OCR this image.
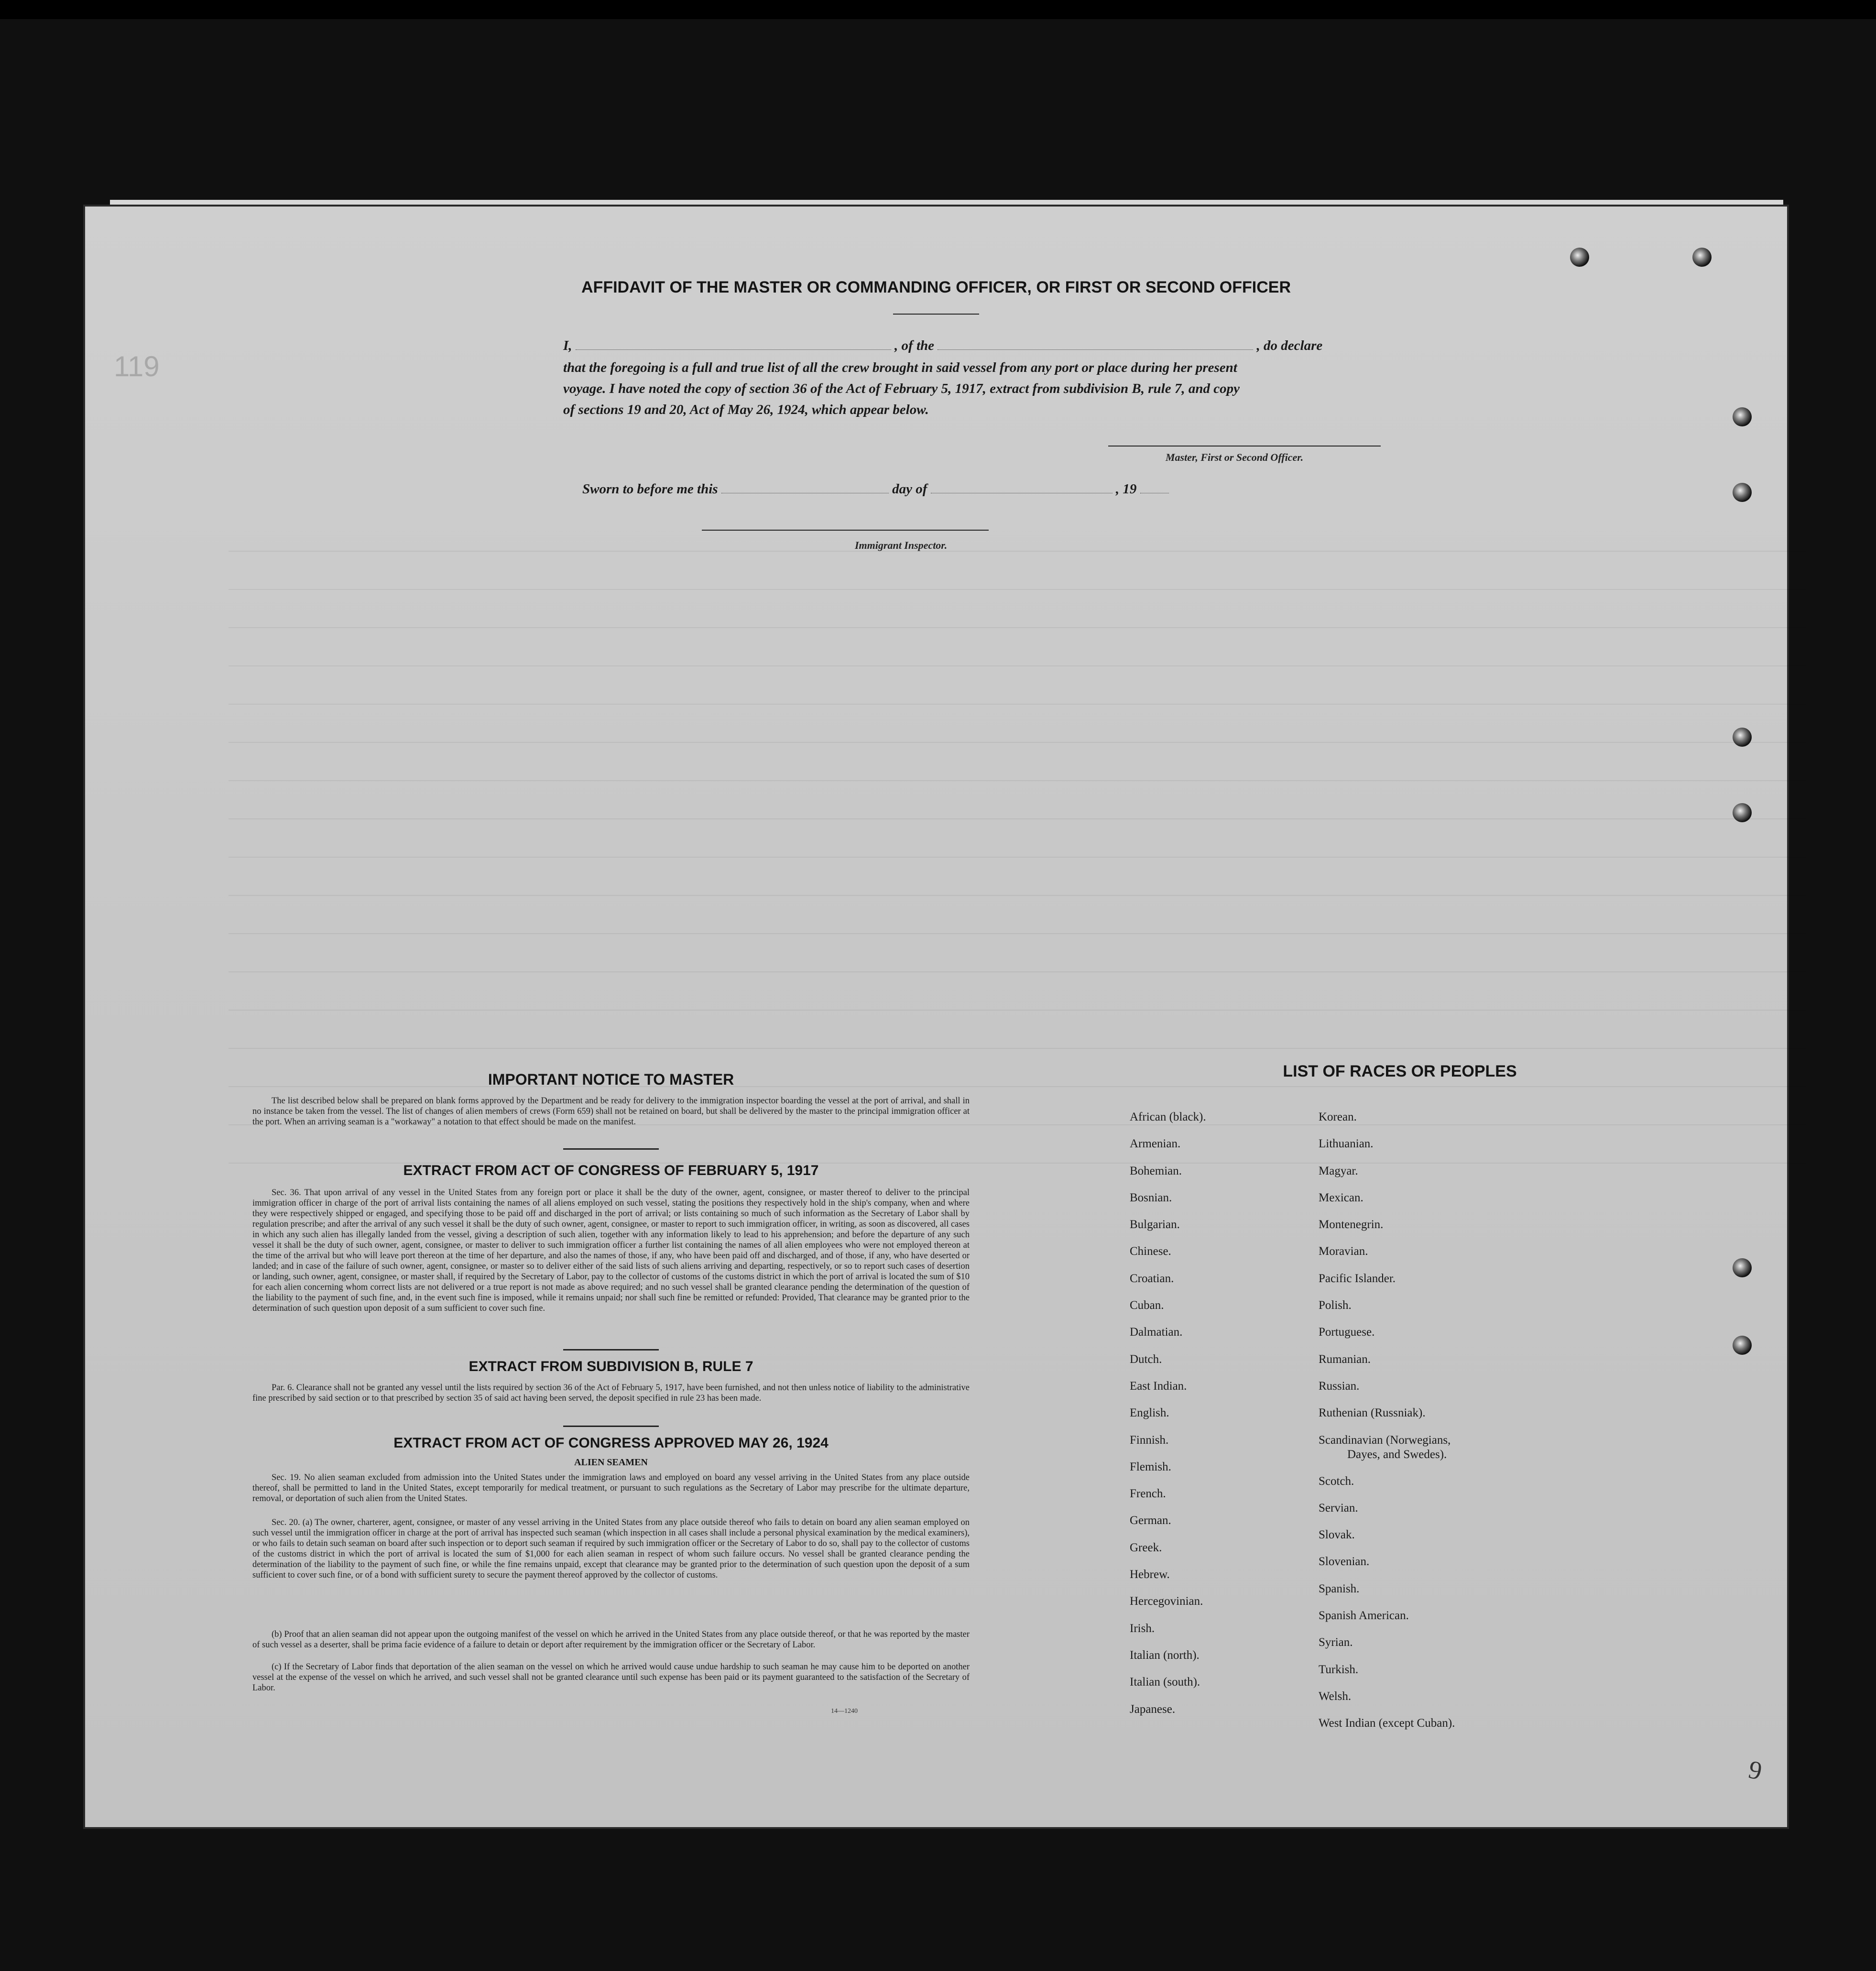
119
AFFIDAVIT OF THE MASTER OR COMMANDING OFFICER, OR FIRST OR SECOND OFFICER
I,	, of the	, do declare
that the foregoing is a full and true list of all the crew brought in said vessel from any port or place during her present
voyage. I have noted the copy of section 36 of the Act of February 5, 1917, extract from subdivision B, rule 7, and copy
of sections 19 and 20, Act of May 26, 1924, which appear below.
Master, First or Second Officer.
Sworn to before me this	day of	, 19
Immigrant Inspector.
IMPORTANT NOTICE TO MASTER
The list described below shall be prepared on blank forms approved by the Department and be ready for delivery to the immigration inspector boarding the vessel at the port of arrival, and shall in no instance be taken from the vessel. The list of changes of alien members of crews (Form 659) shall not be retained on board, but shall be delivered by the master to the principal immigration officer at the port. When an arriving seaman is a "workaway" a notation to that effect should be made on the manifest.
EXTRACT FROM ACT OF CONGRESS OF FEBRUARY 5, 1917
Sec. 36. That upon arrival of any vessel in the United States from any foreign port or place it shall be the duty of the owner, agent, consignee, or master thereof to deliver to the principal immigration officer in charge of the port of arrival lists containing the names of all aliens employed on such vessel, stating the positions they respectively hold in the ship's company, when and where they were respectively shipped or engaged, and specifying those to be paid off and discharged in the port of arrival; or lists containing so much of such information as the Secretary of Labor shall by regulation prescribe; and after the arrival of any such vessel it shall be the duty of such owner, agent, consignee, or master to report to such immigration officer, in writing, as soon as discovered, all cases in which any such alien has illegally landed from the vessel, giving a description of such alien, together with any information likely to lead to his apprehension; and before the departure of any such vessel it shall be the duty of such owner, agent, consignee, or master to deliver to such immigration officer a further list containing the names of all alien employees who were not employed thereon at the time of the arrival but who will leave port thereon at the time of her departure, and also the names of those, if any, who have been paid off and discharged, and of those, if any, who have deserted or landed; and in case of the failure of such owner, agent, consignee, or master so to deliver either of the said lists of such aliens arriving and departing, respectively, or so to report such cases of desertion or landing, such owner, agent, consignee, or master shall, if required by the Secretary of Labor, pay to the collector of customs of the customs district in which the port of arrival is located the sum of $10 for each alien concerning whom correct lists are not delivered or a true report is not made as above required; and no such vessel shall be granted clearance pending the determination of the question of the liability to the payment of such fine, and, in the event such fine is imposed, while it remains unpaid; nor shall such fine be remitted or refunded: Provided, That clearance may be granted prior to the determination of such question upon deposit of a sum sufficient to cover such fine.
EXTRACT FROM SUBDIVISION B, RULE 7
Par. 6. Clearance shall not be granted any vessel until the lists required by section 36 of the Act of February 5, 1917, have been furnished, and not then unless notice of liability to the administrative fine prescribed by said section or to that prescribed by section 35 of said act having been served, the deposit specified in rule 23 has been made.
EXTRACT FROM ACT OF CONGRESS APPROVED MAY 26, 1924
ALIEN SEAMEN
Sec. 19. No alien seaman excluded from admission into the United States under the immigration laws and employed on board any vessel arriving in the United States from any place outside thereof, shall be permitted to land in the United States, except temporarily for medical treatment, or pursuant to such regulations as the Secretary of Labor may prescribe for the ultimate departure, removal, or deportation of such alien from the United States.
Sec. 20. (a) The owner, charterer, agent, consignee, or master of any vessel arriving in the United States from any place outside thereof who fails to detain on board any alien seaman employed on such vessel until the immigration officer in charge at the port of arrival has inspected such seaman (which inspection in all cases shall include a personal physical examination by the medical examiners), or who fails to detain such seaman on board after such inspection or to deport such seaman if required by such immigration officer or the Secretary of Labor to do so, shall pay to the collector of customs of the customs district in which the port of arrival is located the sum of $1,000 for each alien seaman in respect of whom such failure occurs. No vessel shall be granted clearance pending the determination of the liability to the payment of such fine, or while the fine remains unpaid, except that clearance may be granted prior to the determination of such question upon the deposit of a sum sufficient to cover such fine, or of a bond with sufficient surety to secure the payment thereof approved by the collector of customs.
(b) Proof that an alien seaman did not appear upon the outgoing manifest of the vessel on which he arrived in the United States from any place outside thereof, or that he was reported by the master of such vessel as a deserter, shall be prima facie evidence of a failure to detain or deport after requirement by the immigration officer or the Secretary of Labor.
(c) If the Secretary of Labor finds that deportation of the alien seaman on the vessel on which he arrived would cause undue hardship to such seaman he may cause him to be deported on another vessel at the expense of the vessel on which he arrived, and such vessel shall not be granted clearance until such expense has been paid or its payment guaranteed to the satisfaction of the Secretary of Labor.
14—1240
LIST OF RACES OR PEOPLES
African (black).
Armenian.
Bohemian.
Bosnian.
Bulgarian.
Chinese.
Croatian.
Cuban.
Dalmatian.
Dutch.
East Indian.
English.
Finnish.
Flemish.
French.
German.
Greek.
Hebrew.
Hercegovinian.
Irish.
Italian (north).
Italian (south).
Japanese.
Korean.
Lithuanian.
Magyar.
Mexican.
Montenegrin.
Moravian.
Pacific Islander.
Polish.
Portuguese.
Rumanian.
Russian.
Ruthenian (Russniak).
Scandinavian (Norwegians,
Dayes, and Swedes).
Scotch.
Servian.
Slovak.
Slovenian.
Spanish.
Spanish American.
Syrian.
Turkish.
Welsh.
West Indian (except Cuban).
9
